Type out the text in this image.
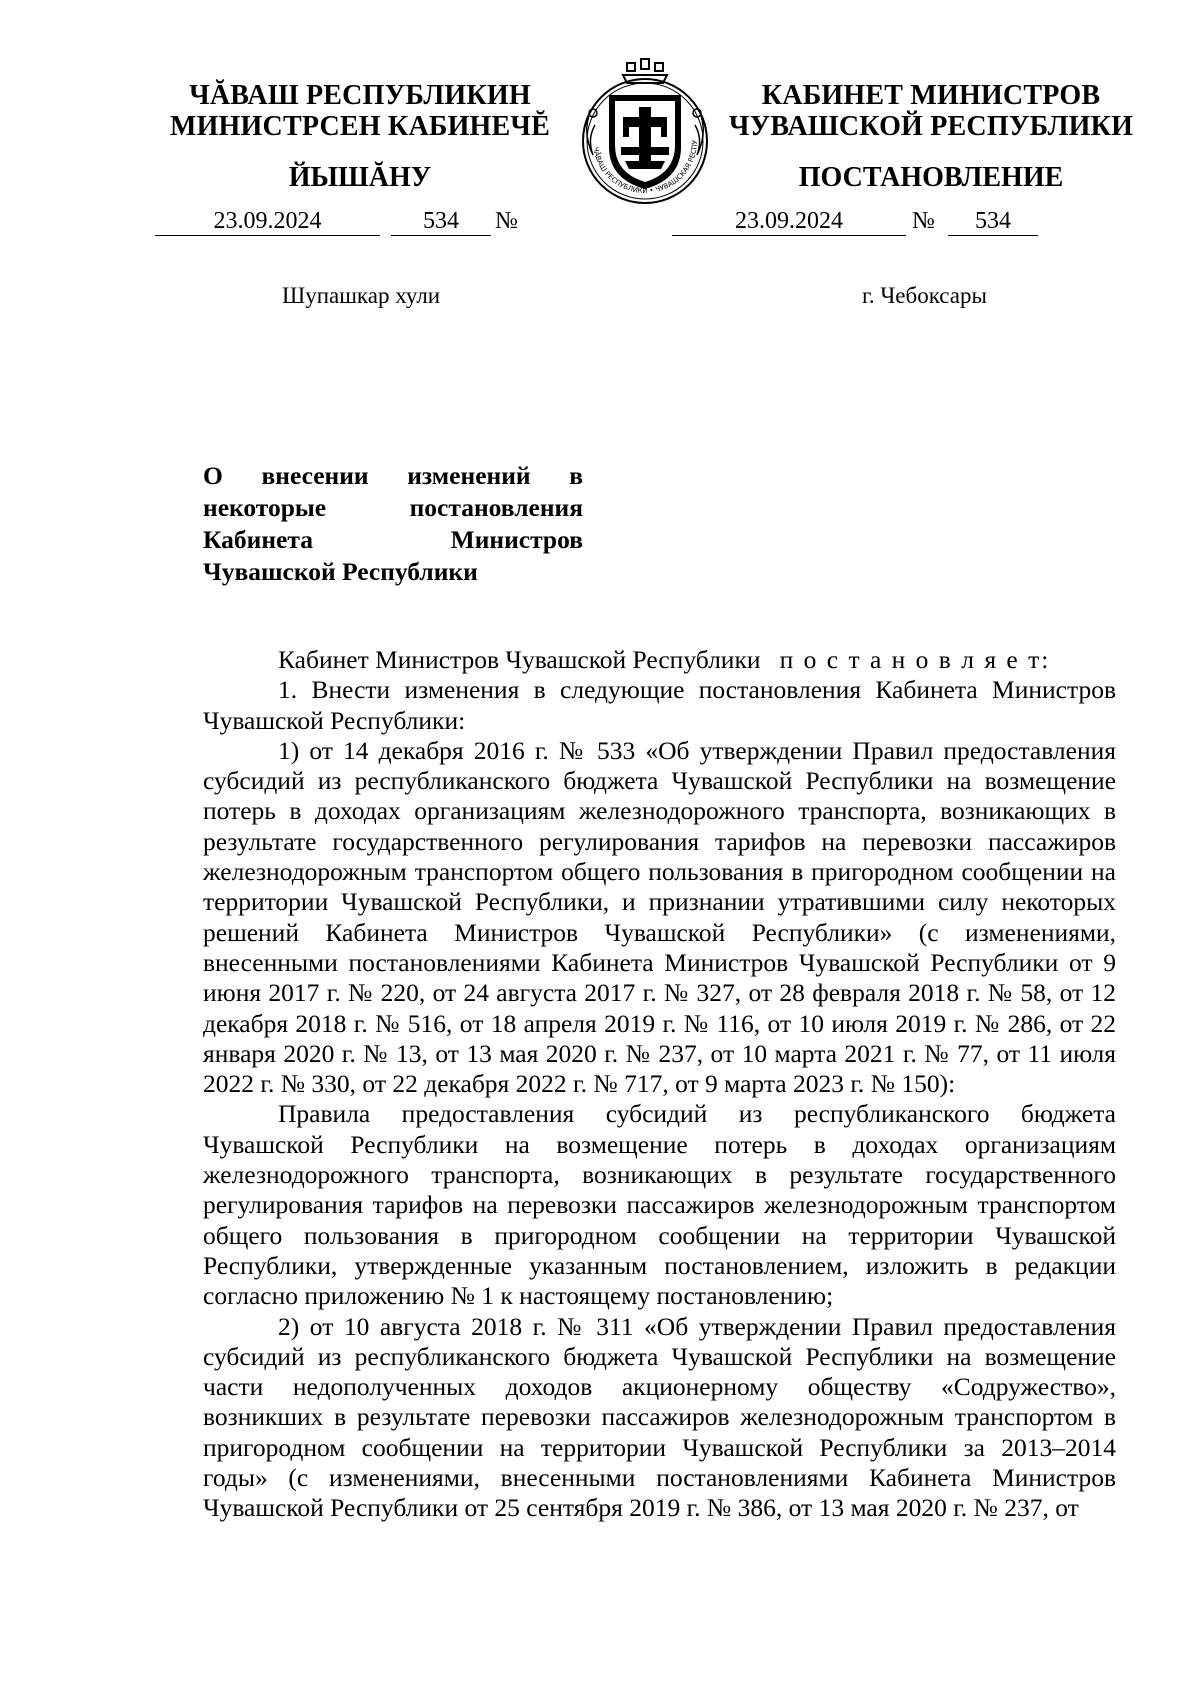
ЧĂВАШ РЕСПУБЛИКИН
МИНИСТРСЕН КАБИНЕЧĔ
ЙЫШĂНУ
КАБИНЕТ МИНИСТРОВ
ЧУВАШСКОЙ РЕСПУБЛИКИ
ПОСТАНОВЛЕНИЕ
ЧĂВАШ РЕСПУБЛИКИ • ЧУВАШСКАЯ РЕСПУ
23.09.2024	534	№	23.09.2024	№	534
Шупашкар хули	г. Чебоксары
О внесении изменений в некоторые постановления Кабинета Министров Чувашской Республики

Кабинет Министров Чувашской Республики п о с т а н о в л я е т:

1. Внести изменения в следующие постановления Кабинета Министров Чувашской Республики:

1) от 14 декабря 2016 г. № 533 «Об утверждении Правил предоставления субсидий из республиканского бюджета Чувашской Республики на возмещение потерь в доходах организациям железнодорожного транспорта, возникающих в результате государственного регулирования тарифов на перевозки пассажиров железнодорожным транспортом общего пользования в пригородном сообщении на территории Чувашской Республики, и признании утратившими силу некоторых решений Кабинета Министров Чувашской Республики» (с изменениями, внесенными постановлениями Кабинета Министров Чувашской Республики от 9 июня 2017 г. № 220, от 24 августа 2017 г. № 327, от 28 февраля 2018 г. № 58, от 12 декабря 2018 г. № 516, от 18 апреля 2019 г. № 116, от 10 июля 2019 г. № 286, от 22 января 2020 г. № 13, от 13 мая 2020 г. № 237, от 10 марта 2021 г. № 77, от 11 июля 2022 г. № 330, от 22 декабря 2022 г. № 717, от 9 марта 2023 г. № 150):

Правила предоставления субсидий из республиканского бюджета Чувашской Республики на возмещение потерь в доходах организациям железнодорожного транспорта, возникающих в результате государственного регулирования тарифов на перевозки пассажиров железнодорожным транспортом общего пользования в пригородном сообщении на территории Чувашской Республики, утвержденные указанным постановлением, изложить в редакции согласно приложению № 1 к настоящему постановлению;

2) от 10 августа 2018 г. № 311 «Об утверждении Правил предоставления субсидий из республиканского бюджета Чувашской Республики на возмещение части недополученных доходов акционерному обществу «Содружество», возникших в результате перевозки пассажиров железнодорожным транспортом в пригородном сообщении на территории Чувашской Республики за 2013–2014 годы» (с изменениями, внесенными постановлениями Кабинета Министров Чувашской Республики от 25 сентября 2019 г. № 386, от 13 мая 2020 г. № 237, от
